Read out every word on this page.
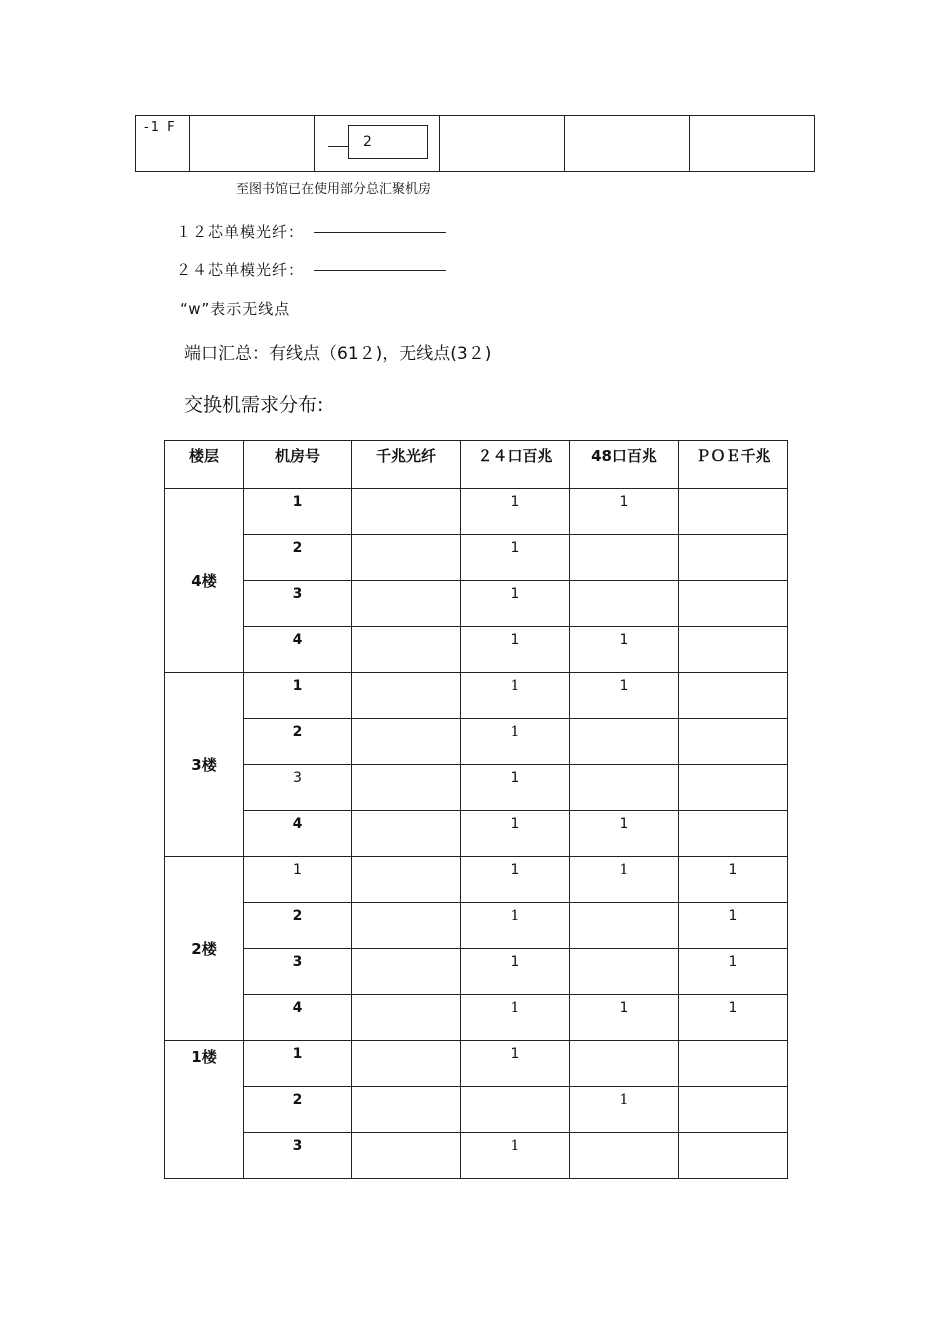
-1 F
2
至图书馆已在使用部分总汇聚机房
１２芯单模光纤：
２４芯单模光纤：
“w”表示无线点
端口汇总：有线点（61２)，无线点(3２)
交换机需求分布:
楼层	机房号	千兆光纤	２４口百兆	48口百兆	ＰＯＥ千兆
4楼	1		1	1	
	2		1		
	3		1		
	4		1	1	
3楼	1		1	1	
	2		1		
	3		1		
	4		1	1	
2楼	1		1	1	1
	2		1		1
	3		1		1
	4		1	1	1
1楼	1		1		
	2			1	
	3		1		
